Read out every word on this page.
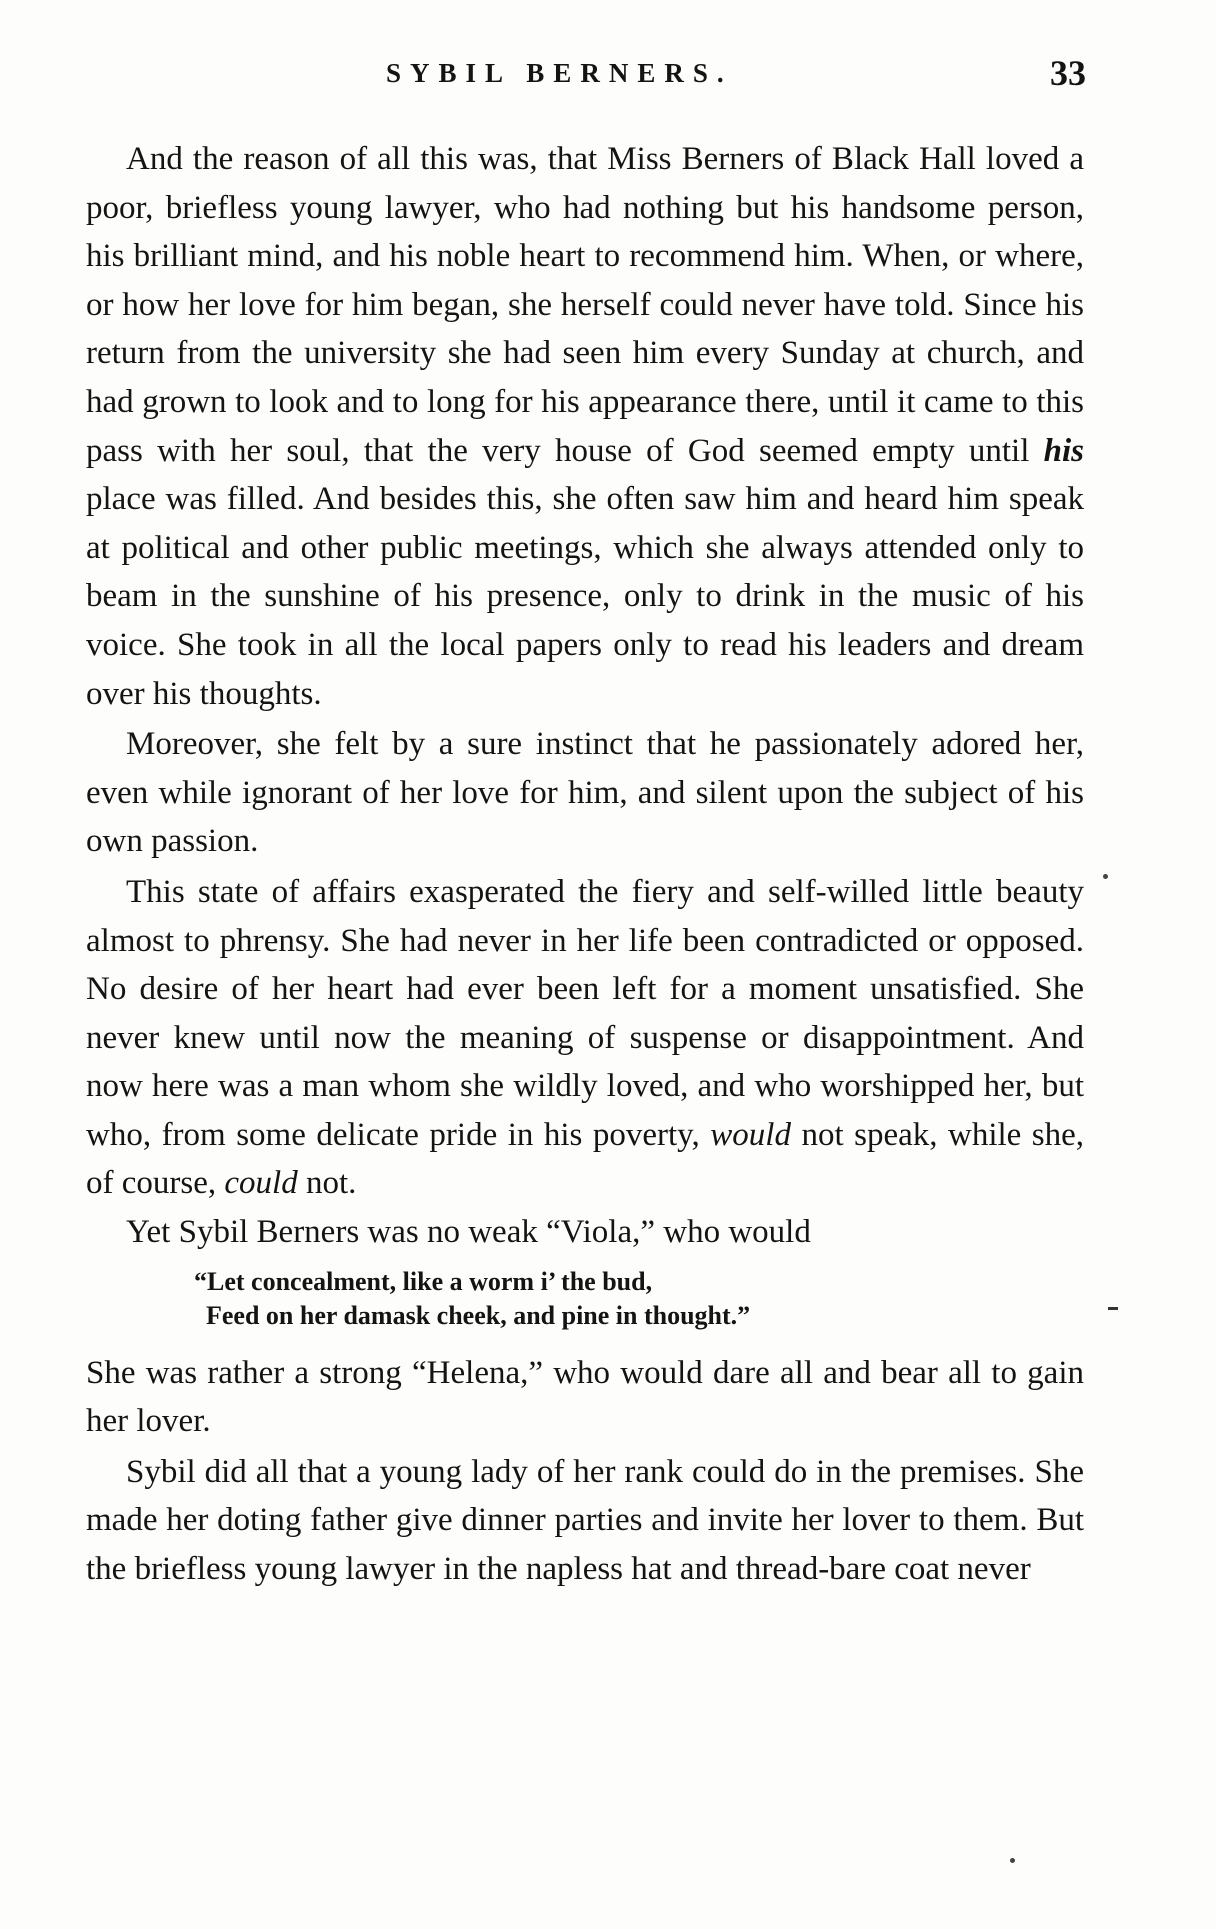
SYBIL BERNERS.	33

And the reason of all this was, that Miss Berners of Black Hall loved a poor, briefless young lawyer, who had nothing but his handsome person, his brilliant mind, and his noble heart to recommend him. When, or where, or how her love for him began, she herself could never have told. Since his return from the university she had seen him every Sunday at church, and had grown to look and to long for his appearance there, until it came to this pass with her soul, that the very house of God seemed empty until his place was filled. And besides this, she often saw him and heard him speak at political and other public meetings, which she always attended only to beam in the sunshine of his presence, only to drink in the music of his voice. She took in all the local papers only to read his leaders and dream over his thoughts.

Moreover, she felt by a sure instinct that he passionately adored her, even while ignorant of her love for him, and silent upon the subject of his own passion.

This state of affairs exasperated the fiery and self-willed little beauty almost to phrensy. She had never in her life been contradicted or opposed. No desire of her heart had ever been left for a moment unsatisfied. She never knew until now the meaning of suspense or disappointment. And now here was a man whom she wildly loved, and who worshipped her, but who, from some delicate pride in his poverty, would not speak, while she, of course, could not.

Yet Sybil Berners was no weak “Viola,” who would

“Let concealment, like a worm i’ the bud,
Feed on her damask cheek, and pine in thought.”

She was rather a strong “Helena,” who would dare all and bear all to gain her lover.

Sybil did all that a young lady of her rank could do in the premises. She made her doting father give dinner parties and invite her lover to them. But the briefless young lawyer in the napless hat and thread-bare coat never
